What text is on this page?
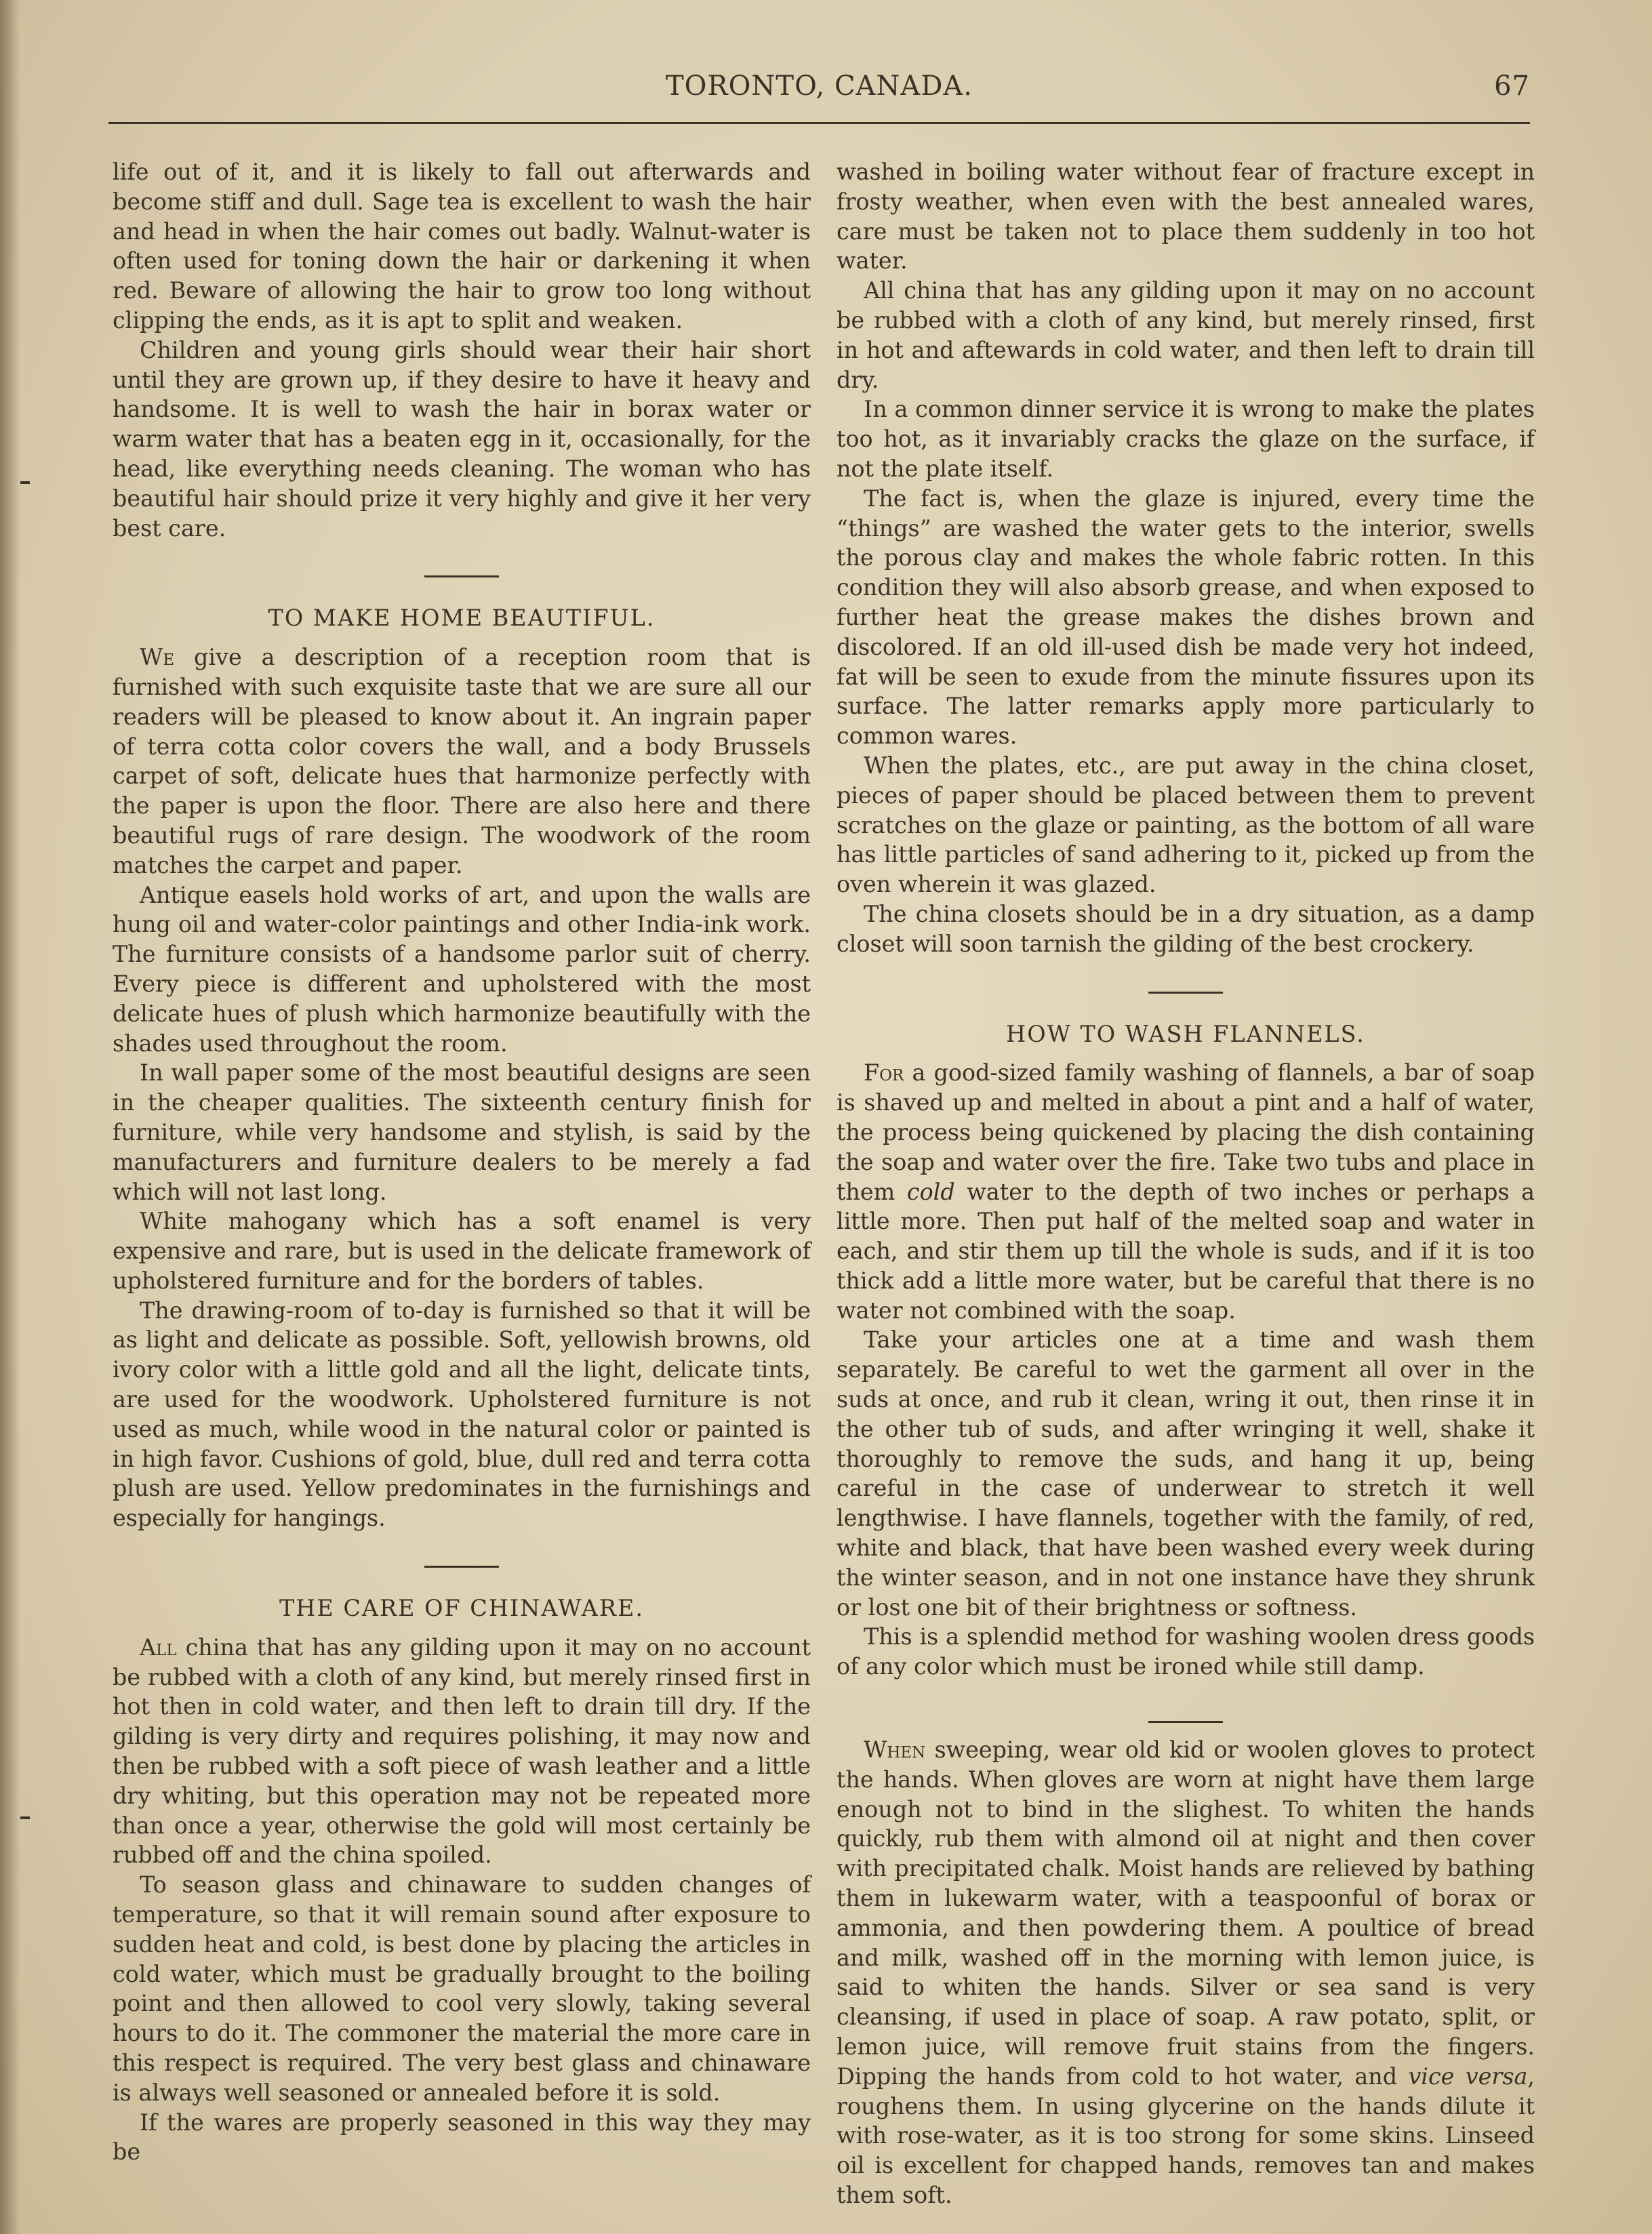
TORONTO, CANADA.	67

life out of it, and it is likely to fall out afterwards and become stiff and dull. Sage tea is excellent to wash the hair and head in when the hair comes out badly. Walnut-water is often used for toning down the hair or darkening it when red. Beware of allowing the hair to grow too long without clipping the ends, as it is apt to split and weaken.

Children and young girls should wear their hair short until they are grown up, if they desire to have it heavy and handsome. It is well to wash the hair in borax water or warm water that has a beaten egg in it, occasionally, for the head, like everything needs cleaning. The woman who has beautiful hair should prize it very highly and give it her very best care.

TO MAKE HOME BEAUTIFUL.

We give a description of a reception room that is furnished with such exquisite taste that we are sure all our readers will be pleased to know about it. An ingrain paper of terra cotta color covers the wall, and a body Brussels carpet of soft, delicate hues that harmonize perfectly with the paper is upon the floor. There are also here and there beautiful rugs of rare design. The woodwork of the room matches the carpet and paper.

Antique easels hold works of art, and upon the walls are hung oil and water-color paintings and other India-ink work. The furniture consists of a handsome parlor suit of cherry. Every piece is different and upholstered with the most delicate hues of plush which harmonize beautifully with the shades used throughout the room.

In wall paper some of the most beautiful designs are seen in the cheaper qualities. The sixteenth century finish for furniture, while very handsome and stylish, is said by the manufacturers and furniture dealers to be merely a fad which will not last long.

White mahogany which has a soft enamel is very expensive and rare, but is used in the delicate framework of upholstered furniture and for the borders of tables.

The drawing-room of to-day is furnished so that it will be as light and delicate as possible. Soft, yellowish browns, old ivory color with a little gold and all the light, delicate tints, are used for the woodwork. Upholstered furniture is not used as much, while wood in the natural color or painted is in high favor. Cushions of gold, blue, dull red and terra cotta plush are used. Yellow predominates in the furnishings and especially for hangings.

THE CARE OF CHINAWARE.

All china that has any gilding upon it may on no account be rubbed with a cloth of any kind, but merely rinsed first in hot then in cold water, and then left to drain till dry. If the gilding is very dirty and requires polishing, it may now and then be rubbed with a soft piece of wash leather and a little dry whiting, but this operation may not be repeated more than once a year, otherwise the gold will most certainly be rubbed off and the china spoiled.

To season glass and chinaware to sudden changes of temperature, so that it will remain sound after exposure to sudden heat and cold, is best done by placing the articles in cold water, which must be gradually brought to the boiling point and then allowed to cool very slowly, taking several hours to do it. The commoner the material the more care in this respect is required. The very best glass and chinaware is always well seasoned or annealed before it is sold.

If the wares are properly seasoned in this way they may be

washed in boiling water without fear of fracture except in frosty weather, when even with the best annealed wares, care must be taken not to place them suddenly in too hot water.

All china that has any gilding upon it may on no account be rubbed with a cloth of any kind, but merely rinsed, first in hot and aftewards in cold water, and then left to drain till dry.

In a common dinner service it is wrong to make the plates too hot, as it invariably cracks the glaze on the surface, if not the plate itself.

The fact is, when the glaze is injured, every time the “things” are washed the water gets to the interior, swells the porous clay and makes the whole fabric rotten. In this condition they will also absorb grease, and when exposed to further heat the grease makes the dishes brown and discolored. If an old ill-used dish be made very hot indeed, fat will be seen to exude from the minute fissures upon its surface. The latter remarks apply more particularly to common wares.

When the plates, etc., are put away in the china closet, pieces of paper should be placed between them to prevent scratches on the glaze or painting, as the bottom of all ware has little particles of sand adhering to it, picked up from the oven wherein it was glazed.

The china closets should be in a dry situation, as a damp closet will soon tarnish the gilding of the best crockery.

HOW TO WASH FLANNELS.

For a good-sized family washing of flannels, a bar of soap is shaved up and melted in about a pint and a half of water, the process being quickened by placing the dish containing the soap and water over the fire. Take two tubs and place in them cold water to the depth of two inches or perhaps a little more. Then put half of the melted soap and water in each, and stir them up till the whole is suds, and if it is too thick add a little more water, but be careful that there is no water not combined with the soap.

Take your articles one at a time and wash them separately. Be careful to wet the garment all over in the suds at once, and rub it clean, wring it out, then rinse it in the other tub of suds, and after wringing it well, shake it thoroughly to remove the suds, and hang it up, being careful in the case of underwear to stretch it well lengthwise. I have flannels, together with the family, of red, white and black, that have been washed every week during the winter season, and in not one instance have they shrunk or lost one bit of their brightness or softness.

This is a splendid method for washing woolen dress goods of any color which must be ironed while still damp.

When sweeping, wear old kid or woolen gloves to protect the hands. When gloves are worn at night have them large enough not to bind in the slighest. To whiten the hands quickly, rub them with almond oil at night and then cover with precipitated chalk. Moist hands are relieved by bathing them in lukewarm water, with a teaspoonful of borax or ammonia, and then powdering them. A poultice of bread and milk, washed off in the morning with lemon juice, is said to whiten the hands. Silver or sea sand is very cleansing, if used in place of soap. A raw potato, split, or lemon juice, will remove fruit stains from the fingers. Dipping the hands from cold to hot water, and vice versa, roughens them. In using glycerine on the hands dilute it with rose-water, as it is too strong for some skins. Linseed oil is excellent for chapped hands, removes tan and makes them soft.
